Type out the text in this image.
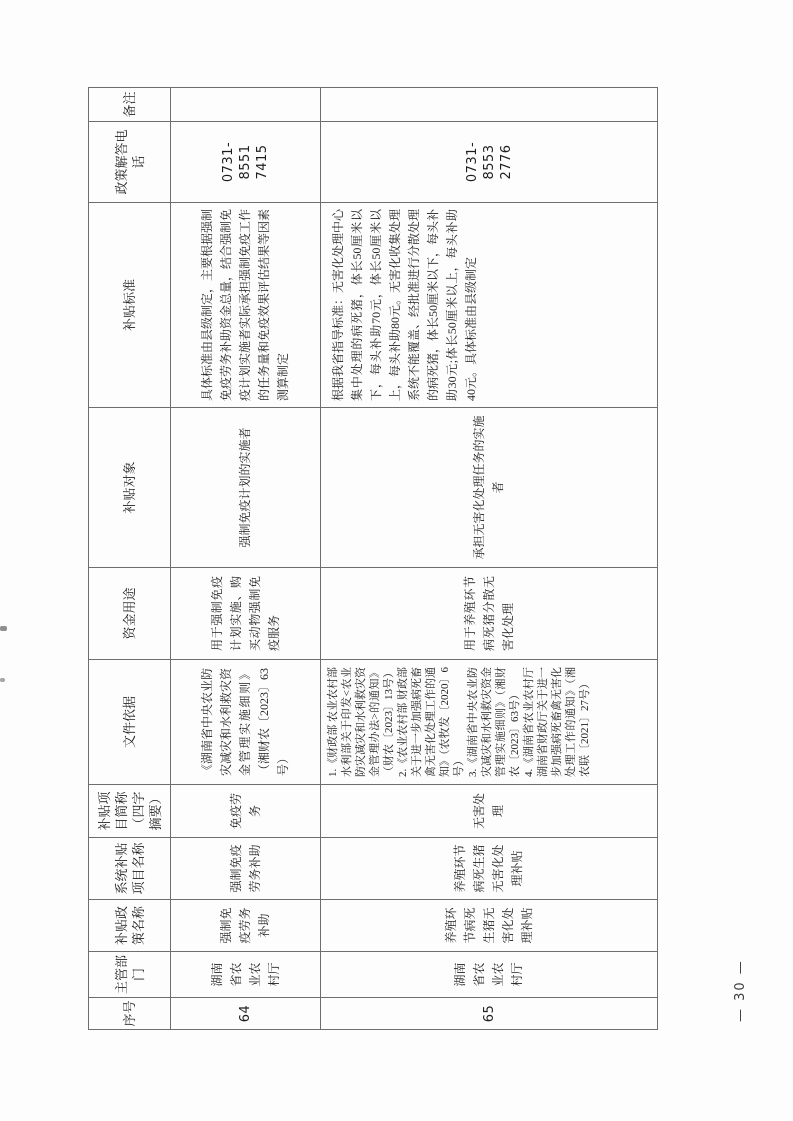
序号	主管部门	补贴政策名称	系统补贴项目名称	补贴项目简称（四字摘要）	文件依据	资金用途	补贴对象	补贴标准	政策解答电话	备注
64	湖南省农业农村厅	强制免疫劳务补助	强制免疫劳务补助	免疫劳务	《湖南省中央农业防灾减灾和水利救灾资金管理实施细则》（湘财农〔2023〕63号）	用于强制免疫计划实施、购买动物强制免疫服务	强制免疫计划的实施者	具体标准由县级制定，主要根据强制免疫劳务补助资金总量，结合强制免疫计划实施者实际承担强制免疫工作的任务量和免疫效果评估结果等因素测算制定	0731-8551 7415	
65	湖南省农业农村厅	养殖环节病死生猪无害化处理补贴	养殖环节病死生猪无害化处理补贴	无害处理	1.《财政部 农业农村部 水利部关于印发<农业防灾减灾和水利救灾资金管理办法>的通知》（财农〔2023〕13号） 2.《农业农村部 财政部关于进一步加强病死畜禽无害化处理工作的通知》（农牧发〔2020〕6号） 3.《湖南省中央农业防灾减灾和水利救灾资金管理实施细则》（湘财农〔2023〕63号） 4.《湖南省农业农村厅 湖南省财政厅关于进一步加强病死畜禽无害化处理工作的通知》（湘农联〔2021〕27号）	用于养殖环节病死猪分散无害化处理	承担无害化处理任务的实施者	根据我省指导标准：无害化处理中心集中处理的病死猪，体长50厘米以下，每头补助70元，体长50厘米以上，每头补助80元。无害化收集处理系统不能覆盖、经批准进行分散处理的病死猪，体长50厘米以下，每头补助30元;体长50厘米以上，每头补助40元。具体标准由县级制定	0731-8553 2776	
— 30 —
